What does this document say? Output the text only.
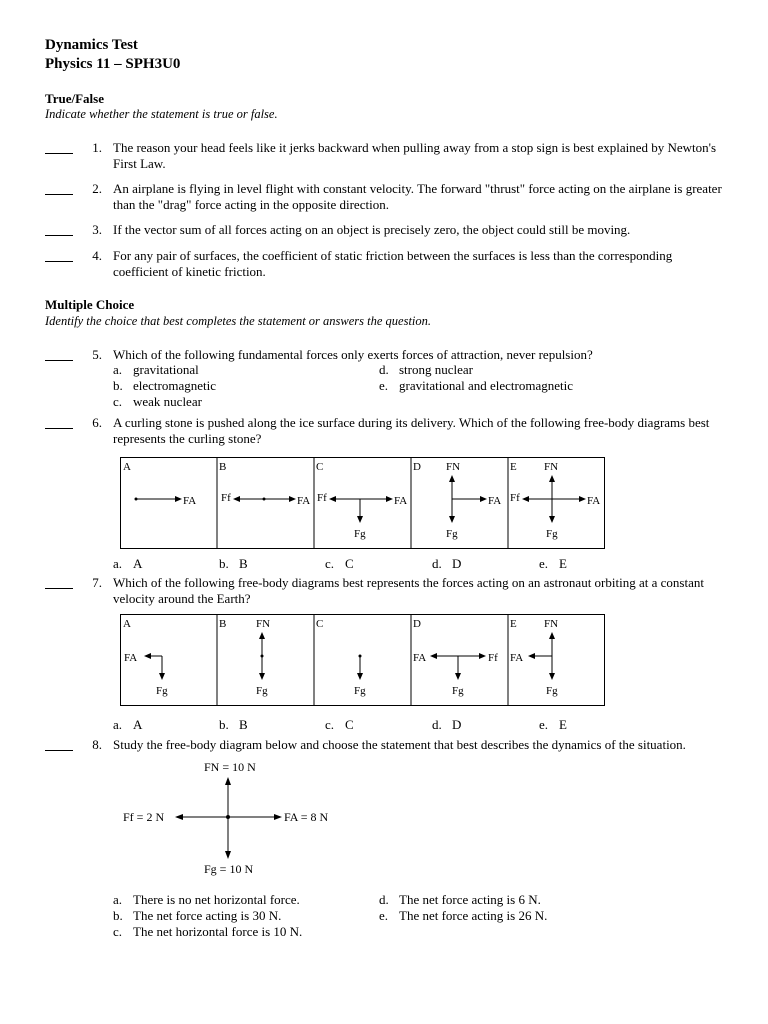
Dynamics Test
Physics 11 – SPH3U0
True/False
Indicate whether the statement is true or false.
1. The reason your head feels like it jerks backward when pulling away from a stop sign is best explained by Newton's First Law.
2. An airplane is flying in level flight with constant velocity. The forward "thrust" force acting on the airplane is greater than the "drag" force acting in the opposite direction.
3. If the vector sum of all forces acting on an object is precisely zero, the object could still be moving.
4. For any pair of surfaces, the coefficient of static friction between the surfaces is less than the corresponding coefficient of kinetic friction.
Multiple Choice
Identify the choice that best completes the statement or answers the question.
5. Which of the following fundamental forces only exerts forces of attraction, never repulsion?
a. gravitational
b. electromagnetic
c. weak nuclear
d. strong nuclear
e. gravitational and electromagnetic
6. A curling stone is pushed along the ice surface during its delivery. Which of the following free-body diagrams best represents the curling stone?
A	B	C	D	E
FA Ff	FA Ff	FA
Fg
FN
FA
Fg
FN
Ff	FA
Fg
a. A	b. B	c. C	d. D	e. E
7. Which of the following free-body diagrams best represents the forces acting on an astronaut orbiting at a constant velocity around the Earth?
A	B	C	D	E
FA
Fg
FN
Fg	Fg
FA	Ff
Fg
FN
FA
Fg
a. A	b. B	c. C	d. D	e. E
8. Study the free-body diagram below and choose the statement that best describes the dynamics of the situation.
FN = 10 N
Fg = 10 N
Ff = 2 N	FA = 8 N
a. There is no net horizontal force.
b. The net force acting is 30 N.
c. The net horizontal force is 10 N.
d. The net force acting is 6 N.
e. The net force acting is 26 N.
